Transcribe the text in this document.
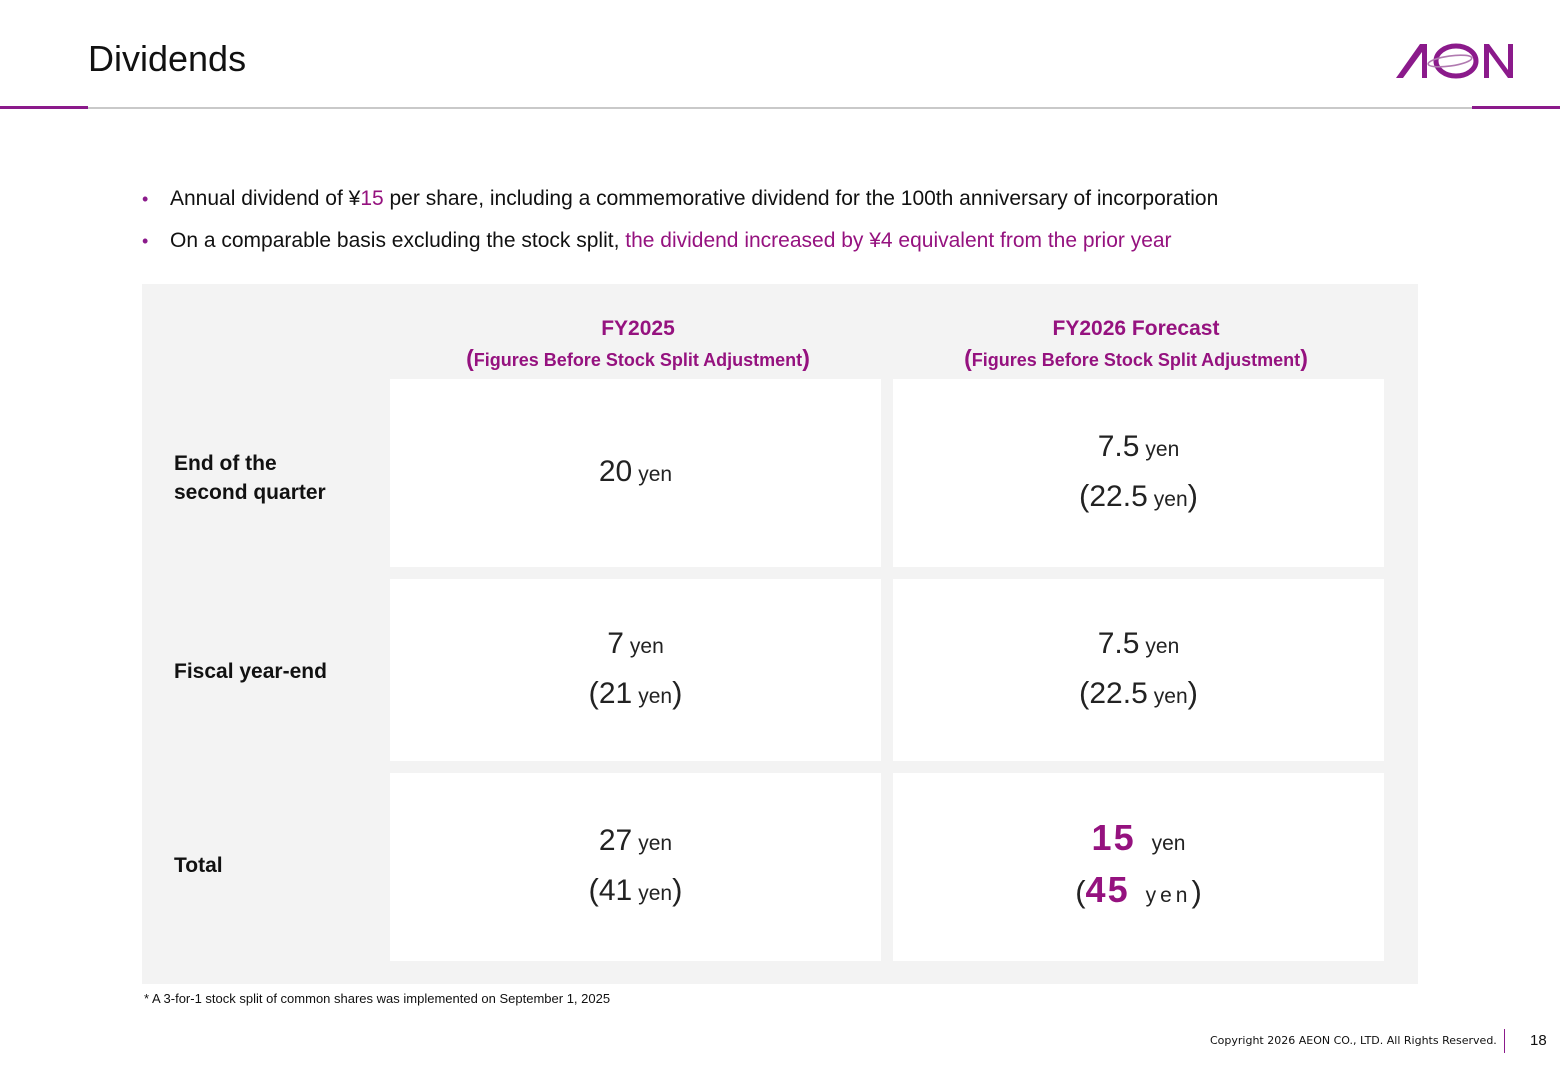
Dividends
•	Annual dividend of ¥15 per share, including a commemorative dividend for the 100th anniversary of incorporation
•	On a comparable basis excluding the stock split, the dividend increased by ¥4 equivalent from the prior year
FY2025
(Figures Before Stock Split Adjustment)
FY2026 Forecast
(Figures Before Stock Split Adjustment)
End of the
second quarter
20 yen
7.5 yen
( 22.5 yen )
Fiscal year-end
7 yen
( 21 yen )
7.5 yen
( 22.5 yen )
Total
27 yen
( 41 yen )
15 yen
( 45 yen )
* A 3-for-1 stock split of common shares was implemented on September 1, 2025
Copyright 2026 AEON CO., LTD. All Rights Reserved. 18
